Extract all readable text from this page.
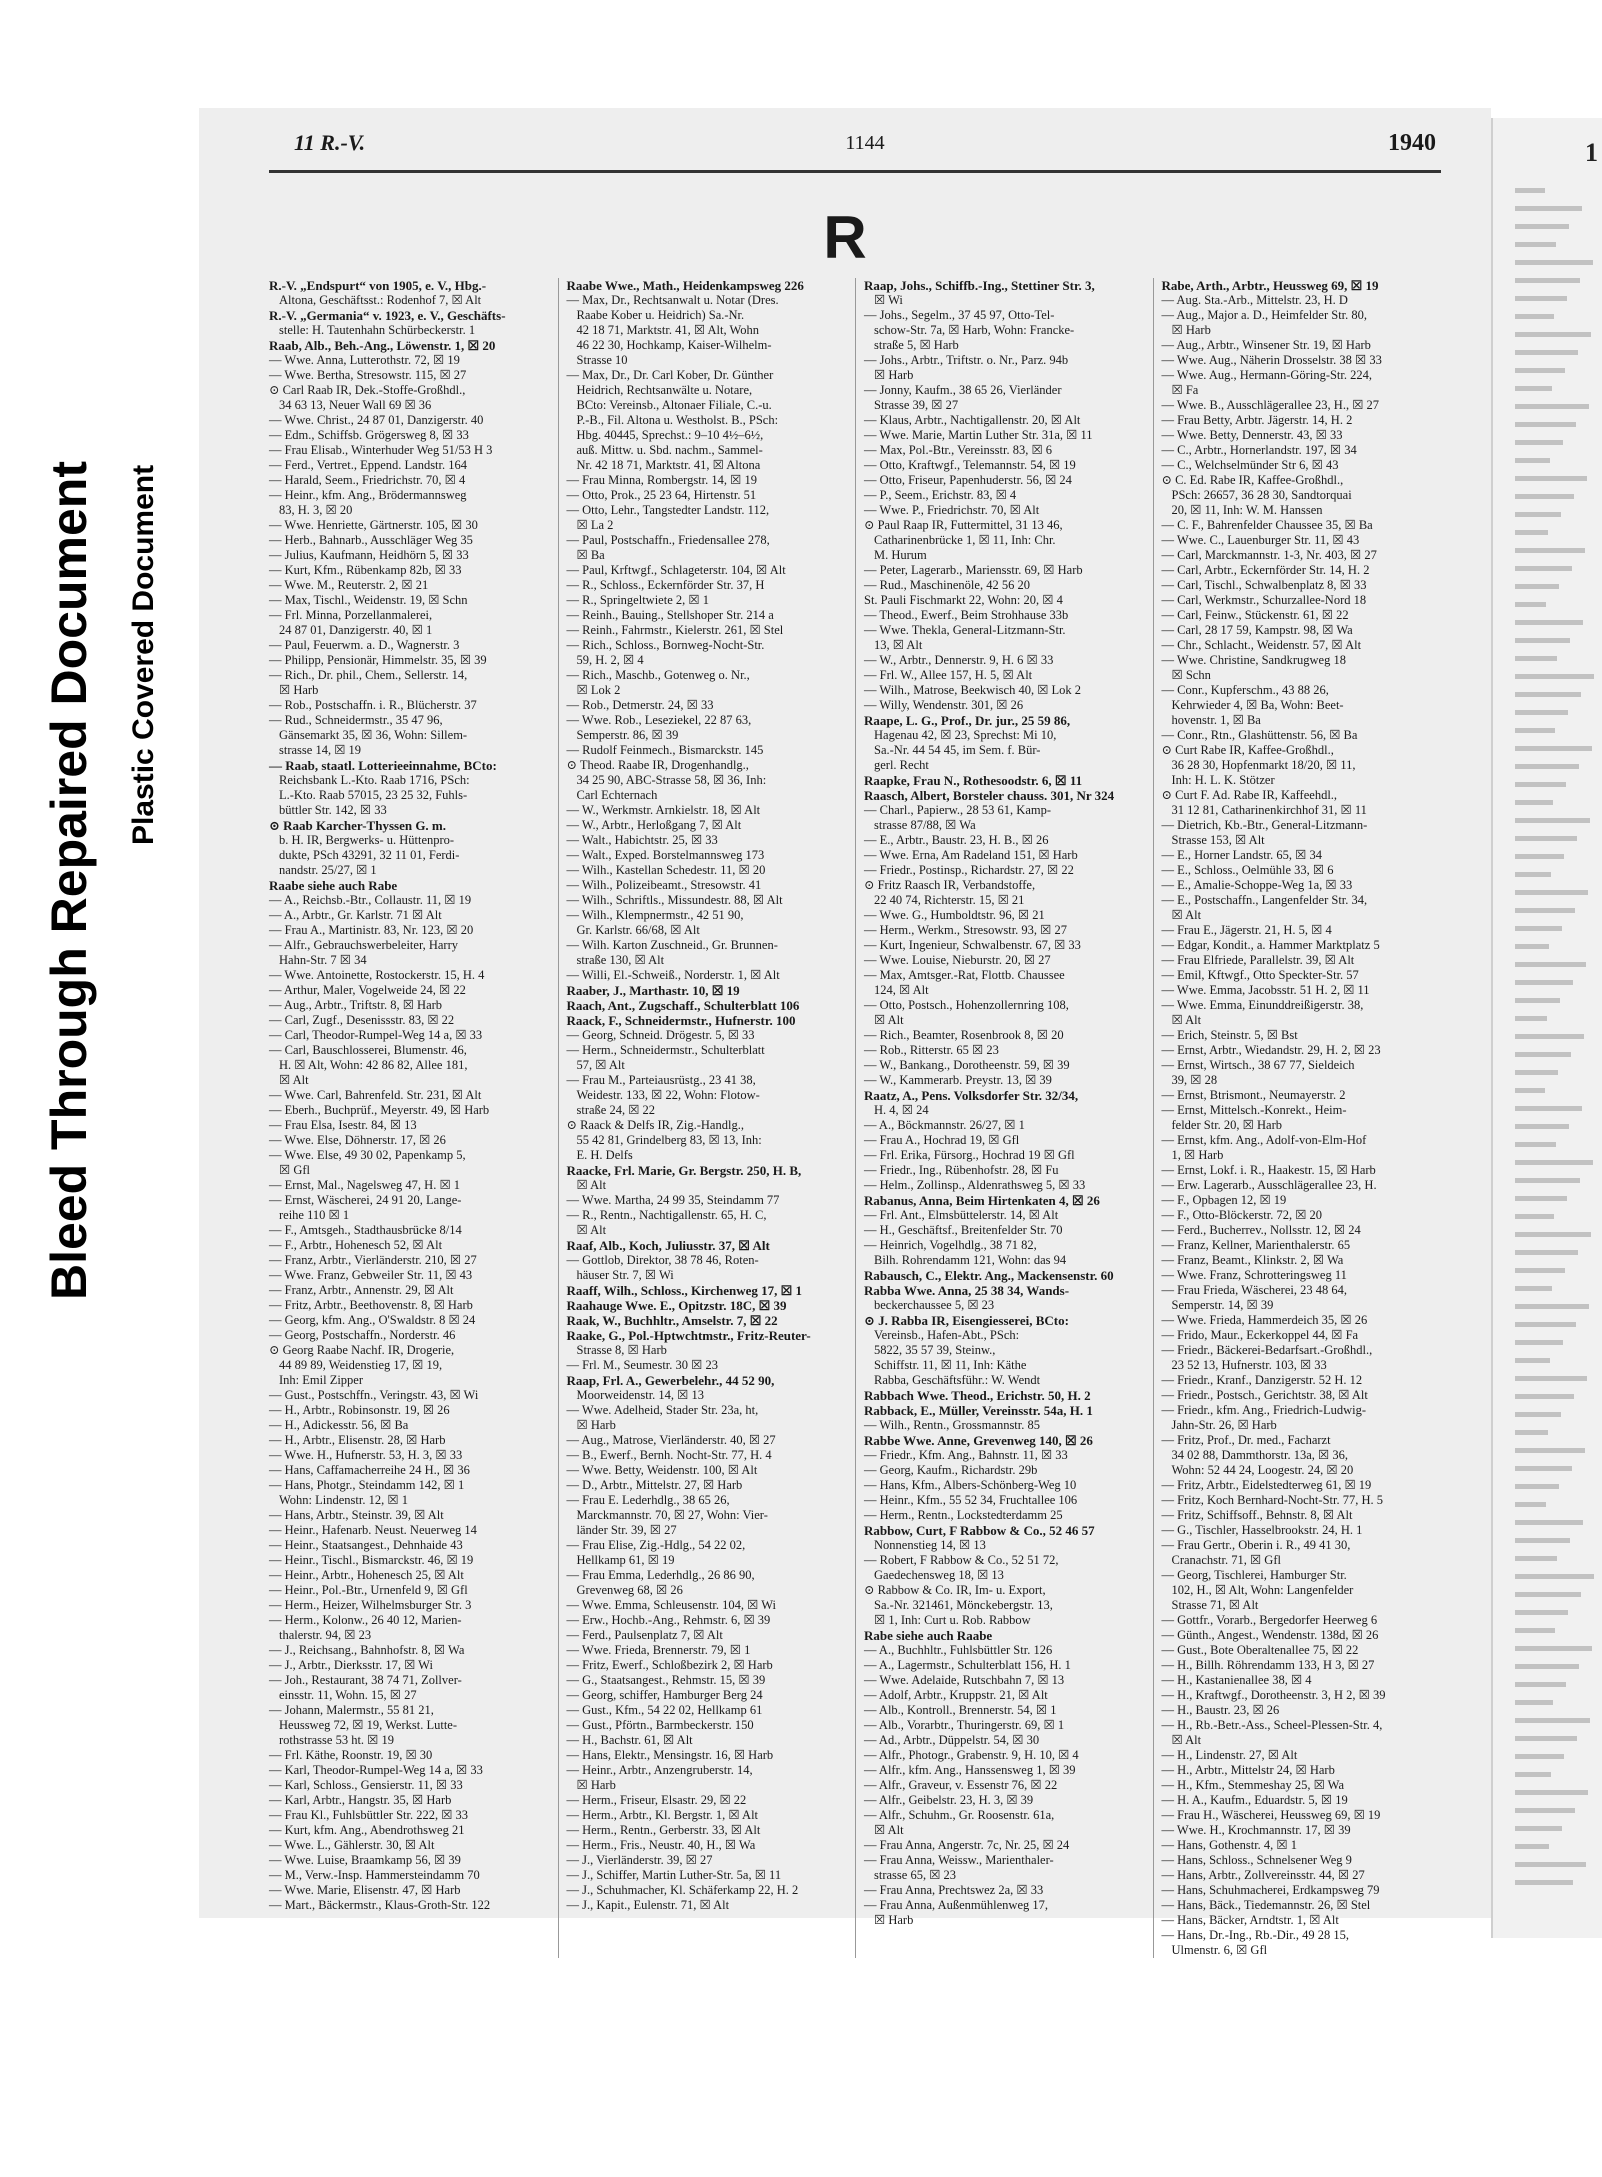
Bleed Through Repaired Document Plastic Covered Document
11 R.-V.	1144	1940
R

R.-V. „Endspurt“ von 1905, e. V., Hbg.-

Altona, Geschäftsst.: Rodenhof 7, ☒ Alt

R.-V. „Germania“ v. 1923, e. V., Geschäfts-

stelle: H. Tautenhahn Schürbeckerstr. 1

Raab, Alb., Beh.-Ang., Löwenstr. 1, ☒ 20

— Wwe. Anna, Lutterothstr. 72, ☒ 19

— Wwe. Bertha, Stresowstr. 115, ☒ 27

⊙ Carl Raab IR, Dek.-Stoffe-Großhdl.,

34 63 13, Neuer Wall 69 ☒ 36

— Wwe. Christ., 24 87 01, Danzigerstr. 40

— Edm., Schiffsb. Grögersweg 8, ☒ 33

— Frau Elisab., Winterhuder Weg 51/53 H 3

— Ferd., Vertret., Eppend. Landstr. 164

— Harald, Seem., Friedrichstr. 70, ☒ 4

— Heinr., kfm. Ang., Brödermannsweg

83, H. 3, ☒ 20

— Wwe. Henriette, Gärtnerstr. 105, ☒ 30

— Herb., Bahnarb., Ausschläger Weg 35

— Julius, Kaufmann, Heidhörn 5, ☒ 33

— Kurt, Kfm., Rübenkamp 82b, ☒ 33

— Wwe. M., Reuterstr. 2, ☒ 21

— Max, Tischl., Weidenstr. 19, ☒ Schn

— Frl. Minna, Porzellanmalerei,

24 87 01, Danzigerstr. 40, ☒ 1

— Paul, Feuerwm. a. D., Wagnerstr. 3

— Philipp, Pensionär, Himmelstr. 35, ☒ 39

— Rich., Dr. phil., Chem., Sellerstr. 14,

☒ Harb

— Rob., Postschaffn. i. R., Blücherstr. 37

— Rud., Schneidermstr., 35 47 96,

Gänsemarkt 35, ☒ 36, Wohn: Sillem-

strasse 14, ☒ 19

— Raab, staatl. Lotterieeinnahme, BCto:

Reichsbank L.-Kto. Raab 1716, PSch:

L.-Kto. Raab 57015, 23 25 32, Fuhls-

büttler Str. 142, ☒ 33

⊙ Raab Karcher-Thyssen G. m.

b. H. IR, Bergwerks- u. Hüttenpro-

dukte, PSch 43291, 32 11 01, Ferdi-

nandstr. 25/27, ☒ 1

Raabe siehe auch Rabe

— A., Reichsb.-Btr., Collaustr. 11, ☒ 19

— A., Arbtr., Gr. Karlstr. 71 ☒ Alt

— Frau A., Martinistr. 83, Nr. 123, ☒ 20

— Alfr., Gebrauchswerbeleiter, Harry

Hahn-Str. 7 ☒ 34

— Wwe. Antoinette, Rostockerstr. 15, H. 4

— Arthur, Maler, Vogelweide 24, ☒ 22

— Aug., Arbtr., Triftstr. 8, ☒ Harb

— Carl, Zugf., Desenissstr. 83, ☒ 22

— Carl, Theodor-Rumpel-Weg 14 a, ☒ 33

— Carl, Bauschlosserei, Blumenstr. 46,

H. ☒ Alt, Wohn: 42 86 82, Allee 181,

☒ Alt

— Wwe. Carl, Bahrenfeld. Str. 231, ☒ Alt

— Eberh., Buchprüf., Meyerstr. 49, ☒ Harb

— Frau Elsa, Isestr. 84, ☒ 13

— Wwe. Else, Döhnerstr. 17, ☒ 26

— Wwe. Else, 49 30 02, Papenkamp 5,

☒ Gfl

— Ernst, Mal., Nagelsweg 47, H. ☒ 1

— Ernst, Wäscherei, 24 91 20, Lange-

reihe 110 ☒ 1

— F., Amtsgeh., Stadthausbrücke 8/14

— F., Arbtr., Hohenesch 52, ☒ Alt

— Franz, Arbtr., Vierländerstr. 210, ☒ 27

— Wwe. Franz, Gebweiler Str. 11, ☒ 43

— Franz, Arbtr., Annenstr. 29, ☒ Alt

— Fritz, Arbtr., Beethovenstr. 8, ☒ Harb

— Georg, kfm. Ang., O'Swaldstr. 8 ☒ 24

— Georg, Postschaffn., Norderstr. 46

⊙ Georg Raabe Nachf. IR, Drogerie,

44 89 89, Weidenstieg 17, ☒ 19,

Inh: Emil Zipper

— Gust., Postschffn., Veringstr. 43, ☒ Wi

— H., Arbtr., Robinsonstr. 19, ☒ 26

— H., Adickesstr. 56, ☒ Ba

— H., Arbtr., Elisenstr. 28, ☒ Harb

— Wwe. H., Hufnerstr. 53, H. 3, ☒ 33

— Hans, Caffamacherreihe 24 H., ☒ 36

— Hans, Photgr., Steindamm 142, ☒ 1

Wohn: Lindenstr. 12, ☒ 1

— Hans, Arbtr., Steinstr. 39, ☒ Alt

— Heinr., Hafenarb. Neust. Neuerweg 14

— Heinr., Staatsangest., Dehnhaide 43

— Heinr., Tischl., Bismarckstr. 46, ☒ 19

— Heinr., Arbtr., Hohenesch 25, ☒ Alt

— Heinr., Pol.-Btr., Urnenfeld 9, ☒ Gfl

— Herm., Heizer, Wilhelmsburger Str. 3

— Herm., Kolonw., 26 40 12, Marien-

thalerstr. 94, ☒ 23

— J., Reichsang., Bahnhofstr. 8, ☒ Wa

— J., Arbtr., Dierksstr. 17, ☒ Wi

— Joh., Restaurant, 38 74 71, Zollver-

einsstr. 11, Wohn. 15, ☒ 27

— Johann, Malermstr., 55 81 21,

Heussweg 72, ☒ 19, Werkst. Lutte-

rothstrasse 53 ht. ☒ 19

— Frl. Käthe, Roonstr. 19, ☒ 30

— Karl, Theodor-Rumpel-Weg 14 a, ☒ 33

— Karl, Schloss., Gensierstr. 11, ☒ 33

— Karl, Arbtr., Hangstr. 35, ☒ Harb

— Frau Kl., Fuhlsbüttler Str. 222, ☒ 33

— Kurt, kfm. Ang., Abendrothsweg 21

— Wwe. L., Gählerstr. 30, ☒ Alt

— Wwe. Luise, Braamkamp 56, ☒ 39

— M., Verw.-Insp. Hammersteindamm 70

— Wwe. Marie, Elisenstr. 47, ☒ Harb

— Mart., Bäckermstr., Klaus-Groth-Str. 122

Raabe Wwe., Math., Heidenkampsweg 226

— Max, Dr., Rechtsanwalt u. Notar (Dres.

Raabe Kober u. Heidrich) Sa.-Nr.

42 18 71, Marktstr. 41, ☒ Alt, Wohn

46 22 30, Hochkamp, Kaiser-Wilhelm-

Strasse 10

— Max, Dr., Dr. Carl Kober, Dr. Günther

Heidrich, Rechtsanwälte u. Notare,

BCto: Vereinsb., Altonaer Filiale, C.-u.

P.-B., Fil. Altona u. Westholst. B., PSch:

Hbg. 40445, Sprechst.: 9–10 4½–6½,

auß. Mittw. u. Sbd. nachm., Sammel-

Nr. 42 18 71, Marktstr. 41, ☒ Altona

— Frau Minna, Rombergstr. 14, ☒ 19

— Otto, Prok., 25 23 64, Hirtenstr. 51

— Otto, Lehr., Tangstedter Landstr. 112,

☒ La 2

— Paul, Postschaffn., Friedensallee 278,

☒ Ba

— Paul, Krftwgf., Schlageterstr. 104, ☒ Alt

— R., Schloss., Eckernförder Str. 37, H

— R., Springeltwiete 2, ☒ 1

— Reinh., Bauing., Stellshoper Str. 214 a

— Reinh., Fahrmstr., Kielerstr. 261, ☒ Stel

— Rich., Schloss., Bornweg-Nocht-Str.

59, H. 2, ☒ 4

— Rich., Maschb., Gotenweg o. Nr.,

☒ Lok 2

— Rob., Detmerstr. 24, ☒ 33

— Wwe. Rob., Leseziekel, 22 87 63,

Semperstr. 86, ☒ 39

— Rudolf Feinmech., Bismarckstr. 145

⊙ Theod. Raabe IR, Drogenhandlg.,

34 25 90, ABC-Strasse 58, ☒ 36, Inh:

Carl Echternach

— W., Werkmstr. Arnkielstr. 18, ☒ Alt

— W., Arbtr., Herloßgang 7, ☒ Alt

— Walt., Habichtstr. 25, ☒ 33

— Walt., Exped. Borstelmannsweg 173

— Wilh., Kastellan Schedestr. 11, ☒ 20

— Wilh., Polizeibeamt., Stresowstr. 41

— Wilh., Schriftls., Missundestr. 88, ☒ Alt

— Wilh., Klempnermstr., 42 51 90,

Gr. Karlstr. 66/68, ☒ Alt

— Wilh. Karton Zuschneid., Gr. Brunnen-

straße 130, ☒ Alt

— Willi, El.-Schweiß., Norderstr. 1, ☒ Alt

Raaber, J., Marthastr. 10, ☒ 19

Raach, Ant., Zugschaff., Schulterblatt 106

Raack, F., Schneidermstr., Hufnerstr. 100

— Georg, Schneid. Drögestr. 5, ☒ 33

— Herm., Schneidermstr., Schulterblatt

57, ☒ Alt

— Frau M., Parteiausrüstg., 23 41 38,

Weidestr. 133, ☒ 22, Wohn: Flotow-

straße 24, ☒ 22

⊙ Raack & Delfs IR, Zig.-Handlg.,

55 42 81, Grindelberg 83, ☒ 13, Inh:

E. H. Delfs

Raacke, Frl. Marie, Gr. Bergstr. 250, H. B,

☒ Alt

— Wwe. Martha, 24 99 35, Steindamm 77

— R., Rentn., Nachtigallenstr. 65, H. C,

☒ Alt

Raaf, Alb., Koch, Juliusstr. 37, ☒ Alt

— Gottlob, Direktor, 38 78 46, Roten-

häuser Str. 7, ☒ Wi

Raaff, Wilh., Schloss., Kirchenweg 17, ☒ 1

Raahauge Wwe. E., Opitzstr. 18C, ☒ 39

Raak, W., Buchhltr., Amselstr. 7, ☒ 22

Raake, G., Pol.-Hptwchtmstr., Fritz-Reuter-

Strasse 8, ☒ Harb

— Frl. M., Seumestr. 30 ☒ 23

Raap, Frl. A., Gewerbelehr., 44 52 90,

Moorweidenstr. 14, ☒ 13

— Wwe. Adelheid, Stader Str. 23a, ht,

☒ Harb

— Aug., Matrose, Vierländerstr. 40, ☒ 27

— B., Ewerf., Bernh. Nocht-Str. 77, H. 4

— Wwe. Betty, Weidenstr. 100, ☒ Alt

— D., Arbtr., Mittelstr. 27, ☒ Harb

— Frau E. Lederhdlg., 38 65 26,

Marckmannstr. 70, ☒ 27, Wohn: Vier-

länder Str. 39, ☒ 27

— Frau Elise, Zig.-Hdlg., 54 22 02,

Hellkamp 61, ☒ 19

— Frau Emma, Lederhdlg., 26 86 90,

Grevenweg 68, ☒ 26

— Wwe. Emma, Schleusenstr. 104, ☒ Wi

— Erw., Hochb.-Ang., Rehmstr. 6, ☒ 39

— Ferd., Paulsenplatz 7, ☒ Alt

— Wwe. Frieda, Brennerstr. 79, ☒ 1

— Fritz, Ewerf., Schloßbezirk 2, ☒ Harb

— G., Staatsangest., Rehmstr. 15, ☒ 39

— Georg, schiffer, Hamburger Berg 24

— Gust., Kfm., 54 22 02, Hellkamp 61

— Gust., Pförtn., Barmbeckerstr. 150

— H., Bachstr. 61, ☒ Alt

— Hans, Elektr., Mensingstr. 16, ☒ Harb

— Heinr., Arbtr., Anzengruberstr. 14,

☒ Harb

— Herm., Friseur, Elsastr. 29, ☒ 22

— Herm., Arbtr., Kl. Bergstr. 1, ☒ Alt

— Herm., Rentn., Gerberstr. 33, ☒ Alt

— Herm., Fris., Neustr. 40, H., ☒ Wa

— J., Vierländerstr. 39, ☒ 27

— J., Schiffer, Martin Luther-Str. 5a, ☒ 11

— J., Schuhmacher, Kl. Schäferkamp 22, H. 2

— J., Kapit., Eulenstr. 71, ☒ Alt

Raap, Johs., Schiffb.-Ing., Stettiner Str. 3,

☒ Wi

— Johs., Segelm., 37 45 97, Otto-Tel-

schow-Str. 7a, ☒ Harb, Wohn: Francke-

straße 5, ☒ Harb

— Johs., Arbtr., Triftstr. o. Nr., Parz. 94b

☒ Harb

— Jonny, Kaufm., 38 65 26, Vierländer

Strasse 39, ☒ 27

— Klaus, Arbtr., Nachtigallenstr. 20, ☒ Alt

— Wwe. Marie, Martin Luther Str. 31a, ☒ 11

— Max, Pol.-Btr., Vereinsstr. 83, ☒ 6

— Otto, Kraftwgf., Telemannstr. 54, ☒ 19

— Otto, Friseur, Papenhuderstr. 56, ☒ 24

— P., Seem., Erichstr. 83, ☒ 4

— Wwe. P., Friedrichstr. 70, ☒ Alt

⊙ Paul Raap IR, Futtermittel, 31 13 46,

Catharinenbrücke 1, ☒ 11, Inh: Chr.

M. Hurum

— Peter, Lagerarb., Mariensstr. 69, ☒ Harb

— Rud., Maschinenöle, 42 56 20

St. Pauli Fischmarkt 22, Wohn: 20, ☒ 4

— Theod., Ewerf., Beim Strohhause 33b

— Wwe. Thekla, General-Litzmann-Str.

13, ☒ Alt

— W., Arbtr., Dennerstr. 9, H. 6 ☒ 33

— Frl. W., Allee 157, H. 5, ☒ Alt

— Wilh., Matrose, Beekwisch 40, ☒ Lok 2

— Willy, Wendenstr. 301, ☒ 26

Raape, L. G., Prof., Dr. jur., 25 59 86,

Hagenau 42, ☒ 23, Sprechst: Mi 10,

Sa.-Nr. 44 54 45, im Sem. f. Bür-

gerl. Recht

Raapke, Frau N., Rothesoodstr. 6, ☒ 11

Raasch, Albert, Borsteler chauss. 301, Nr 324

— Charl., Papierw., 28 53 61, Kamp-

strasse 87/88, ☒ Wa

— E., Arbtr., Baustr. 23, H. B., ☒ 26

— Wwe. Erna, Am Radeland 151, ☒ Harb

— Friedr., Postinsp., Richardstr. 27, ☒ 22

⊙ Fritz Raasch IR, Verbandstoffe,

22 40 74, Richterstr. 15, ☒ 21

— Wwe. G., Humboldtstr. 96, ☒ 21

— Herm., Werkm., Stresowstr. 93, ☒ 27

— Kurt, Ingenieur, Schwalbenstr. 67, ☒ 33

— Wwe. Louise, Nieburstr. 20, ☒ 27

— Max, Amtsger.-Rat, Flottb. Chaussee

124, ☒ Alt

— Otto, Postsch., Hohenzollernring 108,

☒ Alt

— Rich., Beamter, Rosenbrook 8, ☒ 20

— Rob., Ritterstr. 65 ☒ 23

— W., Bankang., Dorotheenstr. 59, ☒ 39

— W., Kammerarb. Preystr. 13, ☒ 39

Raatz, A., Pens. Volksdorfer Str. 32/34,

H. 4, ☒ 24

— A., Böckmannstr. 26/27, ☒ 1

— Frau A., Hochrad 19, ☒ Gfl

— Frl. Erika, Fürsorg., Hochrad 19 ☒ Gfl

— Friedr., Ing., Rübenhofstr. 28, ☒ Fu

— Helm., Zollinsp., Aldenrathsweg 5, ☒ 33

Rabanus, Anna, Beim Hirtenkaten 4, ☒ 26

— Frl. Ant., Elmsbüttelerstr. 14, ☒ Alt

— H., Geschäftsf., Breitenfelder Str. 70

— Heinrich, Vogelhdlg., 38 71 82,

Bilh. Rohrendamm 121, Wohn: das 94

Rabausch, C., Elektr. Ang., Mackensenstr. 60

Rabba Wwe. Anna, 25 38 34, Wands-

beckerchaussee 5, ☒ 23

⊙ J. Rabba IR, Eisengiesserei, BCto:

Vereinsb., Hafen-Abt., PSch:

5822, 35 57 39, Steinw.,

Schiffstr. 11, ☒ 11, Inh: Käthe

Rabba, Geschäftsführ.: W. Wendt

Rabbach Wwe. Theod., Erichstr. 50, H. 2

Rabback, E., Müller, Vereinsstr. 54a, H. 1

— Wilh., Rentn., Grossmannstr. 85

Rabbe Wwe. Anne, Grevenweg 140, ☒ 26

— Friedr., Kfm. Ang., Bahnstr. 11, ☒ 33

— Georg, Kaufm., Richardstr. 29b

— Hans, Kfm., Albers-Schönberg-Weg 10

— Heinr., Kfm., 55 52 34, Fruchtallee 106

— Herm., Rentn., Lockstedterdamm 25

Rabbow, Curt, F Rabbow & Co., 52 46 57

Nonnenstieg 14, ☒ 13

— Robert, F Rabbow & Co., 52 51 72,

Gaedechensweg 18, ☒ 13

⊙ Rabbow & Co. IR, Im- u. Export,

Sa.-Nr. 321461, Mönckebergstr. 13,

☒ 1, Inh: Curt u. Rob. Rabbow

Rabe siehe auch Raabe

— A., Buchhltr., Fuhlsbüttler Str. 126

— A., Lagermstr., Schulterblatt 156, H. 1

— Wwe. Adelaide, Rutschbahn 7, ☒ 13

— Adolf, Arbtr., Kruppstr. 21, ☒ Alt

— Alb., Kontroll., Brennerstr. 54, ☒ 1

— Alb., Vorarbtr., Thuringerstr. 69, ☒ 1

— Ad., Arbtr., Düppelstr. 54, ☒ 30

— Alfr., Photogr., Grabenstr. 9, H. 10, ☒ 4

— Alfr., kfm. Ang., Hanssensweg 1, ☒ 39

— Alfr., Graveur, v. Essenstr 76, ☒ 22

— Alfr., Geibelstr. 23, H. 3, ☒ 39

— Alfr., Schuhm., Gr. Roosenstr. 61a,

☒ Alt

— Frau Anna, Angerstr. 7c, Nr. 25, ☒ 24

— Frau Anna, Weissw., Marienthaler-

strasse 65, ☒ 23

— Frau Anna, Prechtswez 2a, ☒ 33

— Frau Anna, Außenmühlenweg 17,

☒ Harb

Rabe, Arth., Arbtr., Heussweg 69, ☒ 19

— Aug. Sta.-Arb., Mittelstr. 23, H. D

— Aug., Major a. D., Heimfelder Str. 80,

☒ Harb

— Aug., Arbtr., Winsener Str. 19, ☒ Harb

— Wwe. Aug., Näherin Drosselstr. 38 ☒ 33

— Wwe. Aug., Hermann-Göring-Str. 224,

☒ Fa

— Wwe. B., Ausschlägerallee 23, H., ☒ 27

— Frau Betty, Arbtr. Jägerstr. 14, H. 2

— Wwe. Betty, Dennerstr. 43, ☒ 33

— C., Arbtr., Hornerlandstr. 197, ☒ 34

— C., Welchselmünder Str 6, ☒ 43

⊙ C. Ed. Rabe IR, Kaffee-Großhdl.,

PSch: 26657, 36 28 30, Sandtorquai

20, ☒ 11, Inh: W. M. Hanssen

— C. F., Bahrenfelder Chaussee 35, ☒ Ba

— Wwe. C., Lauenburger Str. 11, ☒ 43

— Carl, Marckmannstr. 1-3, Nr. 403, ☒ 27

— Carl, Arbtr., Eckernförder Str. 14, H. 2

— Carl, Tischl., Schwalbenplatz 8, ☒ 33

— Carl, Werkmstr., Schurzallee-Nord 18

— Carl, Feinw., Stückenstr. 61, ☒ 22

— Carl, 28 17 59, Kampstr. 98, ☒ Wa

— Chr., Schlacht., Weidenstr. 57, ☒ Alt

— Wwe. Christine, Sandkrugweg 18

☒ Schn

— Conr., Kupferschm., 43 88 26,

Kehrwieder 4, ☒ Ba, Wohn: Beet-

hovenstr. 1, ☒ Ba

— Conr., Rtn., Glashüttenstr. 56, ☒ Ba

⊙ Curt Rabe IR, Kaffee-Großhdl.,

36 28 30, Hopfenmarkt 18/20, ☒ 11,

Inh: H. L. K. Stötzer

⊙ Curt F. Ad. Rabe IR, Kaffeehdl.,

31 12 81, Catharinenkirchhof 31, ☒ 11

— Dietrich, Kb.-Btr., General-Litzmann-

Strasse 153, ☒ Alt

— E., Horner Landstr. 65, ☒ 34

— E., Schloss., Oelmühle 33, ☒ 6

— E., Amalie-Schoppe-Weg 1a, ☒ 33

— E., Postschaffn., Langenfelder Str. 34,

☒ Alt

— Frau E., Jägerstr. 21, H. 5, ☒ 4

— Edgar, Kondit., a. Hammer Marktplatz 5

— Frau Elfriede, Parallelstr. 39, ☒ Alt

— Emil, Kftwgf., Otto Speckter-Str. 57

— Wwe. Emma, Jacobsstr. 51 H. 2, ☒ 11

— Wwe. Emma, Einunddreißigerstr. 38,

☒ Alt

— Erich, Steinstr. 5, ☒ Bst

— Ernst, Arbtr., Wiedandstr. 29, H. 2, ☒ 23

— Ernst, Wirtsch., 38 67 77, Sieldeich

39, ☒ 28

— Ernst, Btrismont., Neumayerstr. 2

— Ernst, Mittelsch.-Konrekt., Heim-

felder Str. 20, ☒ Harb

— Ernst, kfm. Ang., Adolf-von-Elm-Hof

1, ☒ Harb

— Ernst, Lokf. i. R., Haakestr. 15, ☒ Harb

— Erw. Lagerarb., Ausschlägerallee 23, H.

— F., Opbagen 12, ☒ 19

— F., Otto-Blöckerstr. 72, ☒ 20

— Ferd., Bucherrev., Nollsstr. 12, ☒ 24

— Franz, Kellner, Marienthalerstr. 65

— Franz, Beamt., Klinkstr. 2, ☒ Wa

— Wwe. Franz, Schrotteringsweg 11

— Frau Frieda, Wäscherei, 23 48 64,

Semperstr. 14, ☒ 39

— Wwe. Frieda, Hammerdeich 35, ☒ 26

— Frido, Maur., Eckerkoppel 44, ☒ Fa

— Friedr., Bäckerei-Bedarfsart.-Großhdl.,

23 52 13, Hufnerstr. 103, ☒ 33

— Friedr., Kranf., Danzigerstr. 52 H. 12

— Friedr., Postsch., Gerichtstr. 38, ☒ Alt

— Friedr., kfm. Ang., Friedrich-Ludwig-

Jahn-Str. 26, ☒ Harb

— Fritz, Prof., Dr. med., Facharzt

34 02 88, Dammthorstr. 13a, ☒ 36,

Wohn: 52 44 24, Loogestr. 24, ☒ 20

— Fritz, Arbtr., Eidelstedterweg 61, ☒ 19

— Fritz, Koch Bernhard-Nocht-Str. 77, H. 5

— Fritz, Schiffsoff., Behnstr. 8, ☒ Alt

— G., Tischler, Hasselbrookstr. 24, H. 1

— Frau Gertr., Oberin i. R., 49 41 30,

Cranachstr. 71, ☒ Gfl

— Georg, Tischlerei, Hamburger Str.

102, H., ☒ Alt, Wohn: Langenfelder

Strasse 71, ☒ Alt

— Gottfr., Vorarb., Bergedorfer Heerweg 6

— Günth., Angest., Wendenstr. 138d, ☒ 26

— Gust., Bote Oberaltenallee 75, ☒ 22

— H., Billh. Röhrendamm 133, H 3, ☒ 27

— H., Kastanienallee 38, ☒ 4

— H., Kraftwgf., Dorotheenstr. 3, H 2, ☒ 39

— H., Baustr. 23, ☒ 26

— H., Rb.-Betr.-Ass., Scheel-Plessen-Str. 4,

☒ Alt

— H., Lindenstr. 27, ☒ Alt

— H., Arbtr., Mittelstr 24, ☒ Harb

— H., Kfm., Stemmeshay 25, ☒ Wa

— H. A., Kaufm., Eduardstr. 5, ☒ 19

— Frau H., Wäscherei, Heussweg 69, ☒ 19

— Wwe. H., Krochmannstr. 17, ☒ 39

— Hans, Gothenstr. 4, ☒ 1

— Hans, Schloss., Schnelsener Weg 9

— Hans, Arbtr., Zollvereinsstr. 44, ☒ 27

— Hans, Schuhmacherei, Erdkampsweg 79

— Hans, Bäck., Tiedemannstr. 26, ☒ Stel

— Hans, Bäcker, Arndtstr. 1, ☒ Alt

— Hans, Dr.-Ing., Rb.-Dir., 49 28 15,

Ulmenstr. 6, ☒ Gfl

1
